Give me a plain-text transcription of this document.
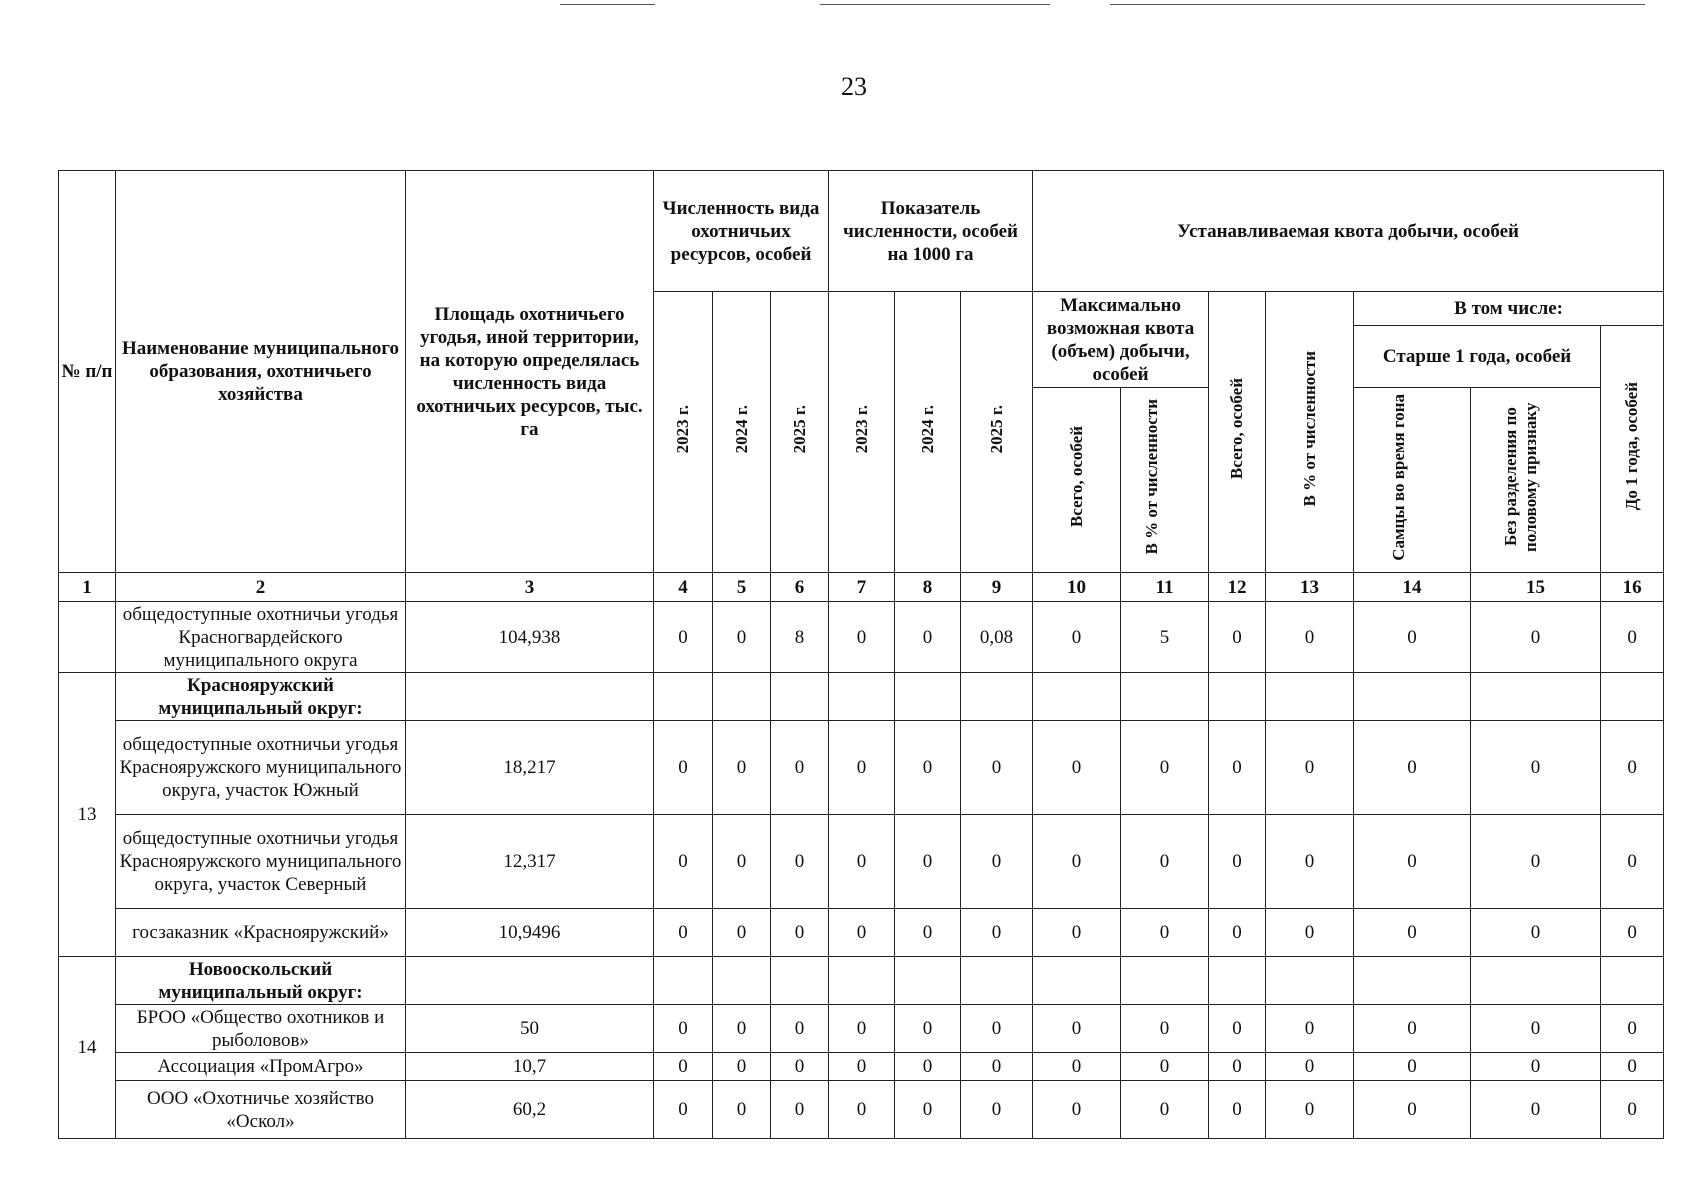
23
№ п/п	Наименование муниципального образования, охотничьего хозяйства	Площадь охотничьего угодья, иной территории, на которую определялась численность вида охотничьих ресурсов, тыс. га	Численность вида охотничьих ресурсов, особей			Показатель численности, особей на 1000 га			Устанавливаемая квота добычи, особей						
			2023 г.	2024 г.	2025 г.	2023 г.	2024 г.	2025 г.	Максимально возможная квота (объем) добычи, особей		Всего, особей	В % от численности	В том числе:		
													Старше 1 года, особей		До 1 года, особей
									Всего, особей	В % от численности			Самцы во время гона	Без разделения по половому признаку	
1	2	3	4	5	6	7	8	9	10	11	12	13	14	15	16
	общедоступные охотничьи угодья Красногвардейского муниципального округа	104,938	0	0	8	0	0	0,08	0	5	0	0	0	0	0
13	Краснояружский муниципальный округ:														
	общедоступные охотничьи угодья Краснояружского муниципального округа, участок Южный	18,217	0	0	0	0	0	0	0	0	0	0	0	0	0
	общедоступные охотничьи угодья Краснояружского муниципального округа, участок Северный	12,317	0	0	0	0	0	0	0	0	0	0	0	0	0
	госзаказник «Краснояружский»	10,9496	0	0	0	0	0	0	0	0	0	0	0	0	0
14	Новооскольский муниципальный округ:														
	БРОО «Общество охотников и рыболовов»	50	0	0	0	0	0	0	0	0	0	0	0	0	0
	Ассоциация «ПромАгро»	10,7	0	0	0	0	0	0	0	0	0	0	0	0	0
	ООО «Охотничье хозяйство «Оскол»	60,2	0	0	0	0	0	0	0	0	0	0	0	0	0
